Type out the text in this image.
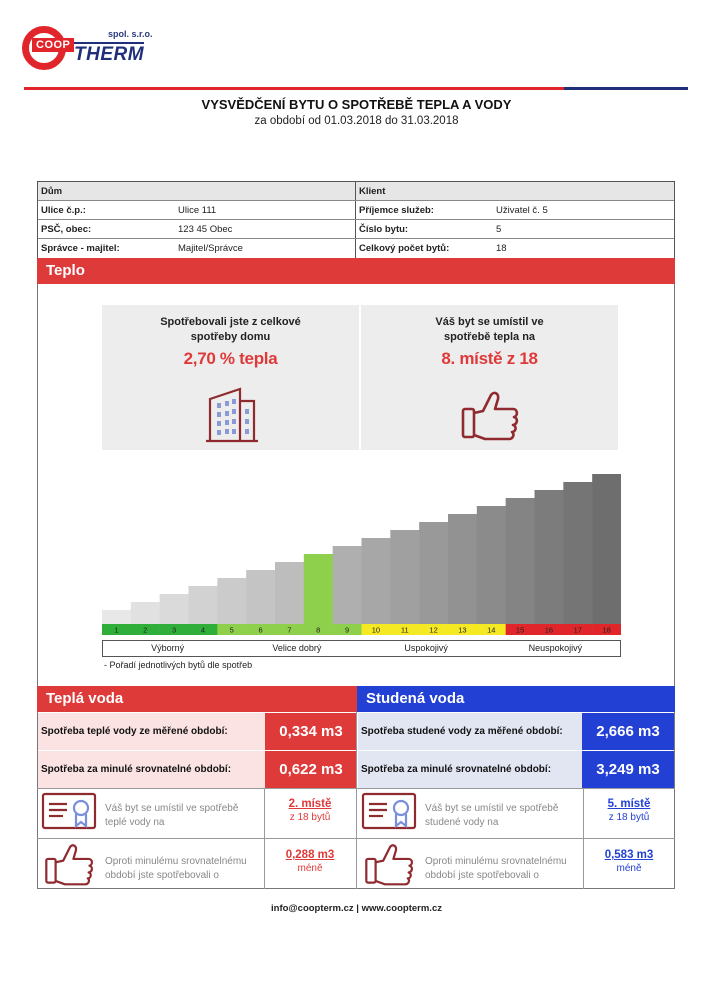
COOP
spol. s.r.o.
THERM
VYSVĚDČENÍ BYTU O SPOTŘEBĚ TEPLA A VODY
za období od 01.03.2018 do 31.03.2018
Dům	Klient
Ulice č.p.:	Ulice 111	Příjemce služeb:	Uživatel č. 5
PSČ, obec:	123 45 Obec	Číslo bytu:	5
Správce - majitel:	Majitel/Správce	Celkový počet bytů:	18
Teplo
Spotřebovali jste z celkové
spotřeby domu
2,70 % tepla
Váš byt se umístil ve
spotřebě tepla na
8. místě z 18
1	2	3	4	5	6	7	8	9	10	11	12	13	14	15	16	17	18
Výborný	Velice dobrý	Uspokojivý	Neuspokojivý
- Pořadí jednotlivých bytů dle spotřeb
Teplá voda	Studená voda
Spotřeba teplé vody ze měřené období:	0,334 m3
Spotřeba za minulé srovnatelné období:	0,622 m3
Spotřeba studené vody za měřené období:	2,666 m3
Spotřeba za minulé srovnatelné období:	3,249 m3
Váš byt se umístil ve spotřebě
teplé vody na
2. místě
z 18 bytů
Oproti minulému srovnatelnému
období jste spotřebovali o
0,288 m3
méně
Váš byt se umístil ve spotřebě
studené vody na
5. místě
z 18 bytů
Oproti minulému srovnatelnému
období jste spotřebovali o
0,583 m3
méně
info@coopterm.cz | www.coopterm.cz
